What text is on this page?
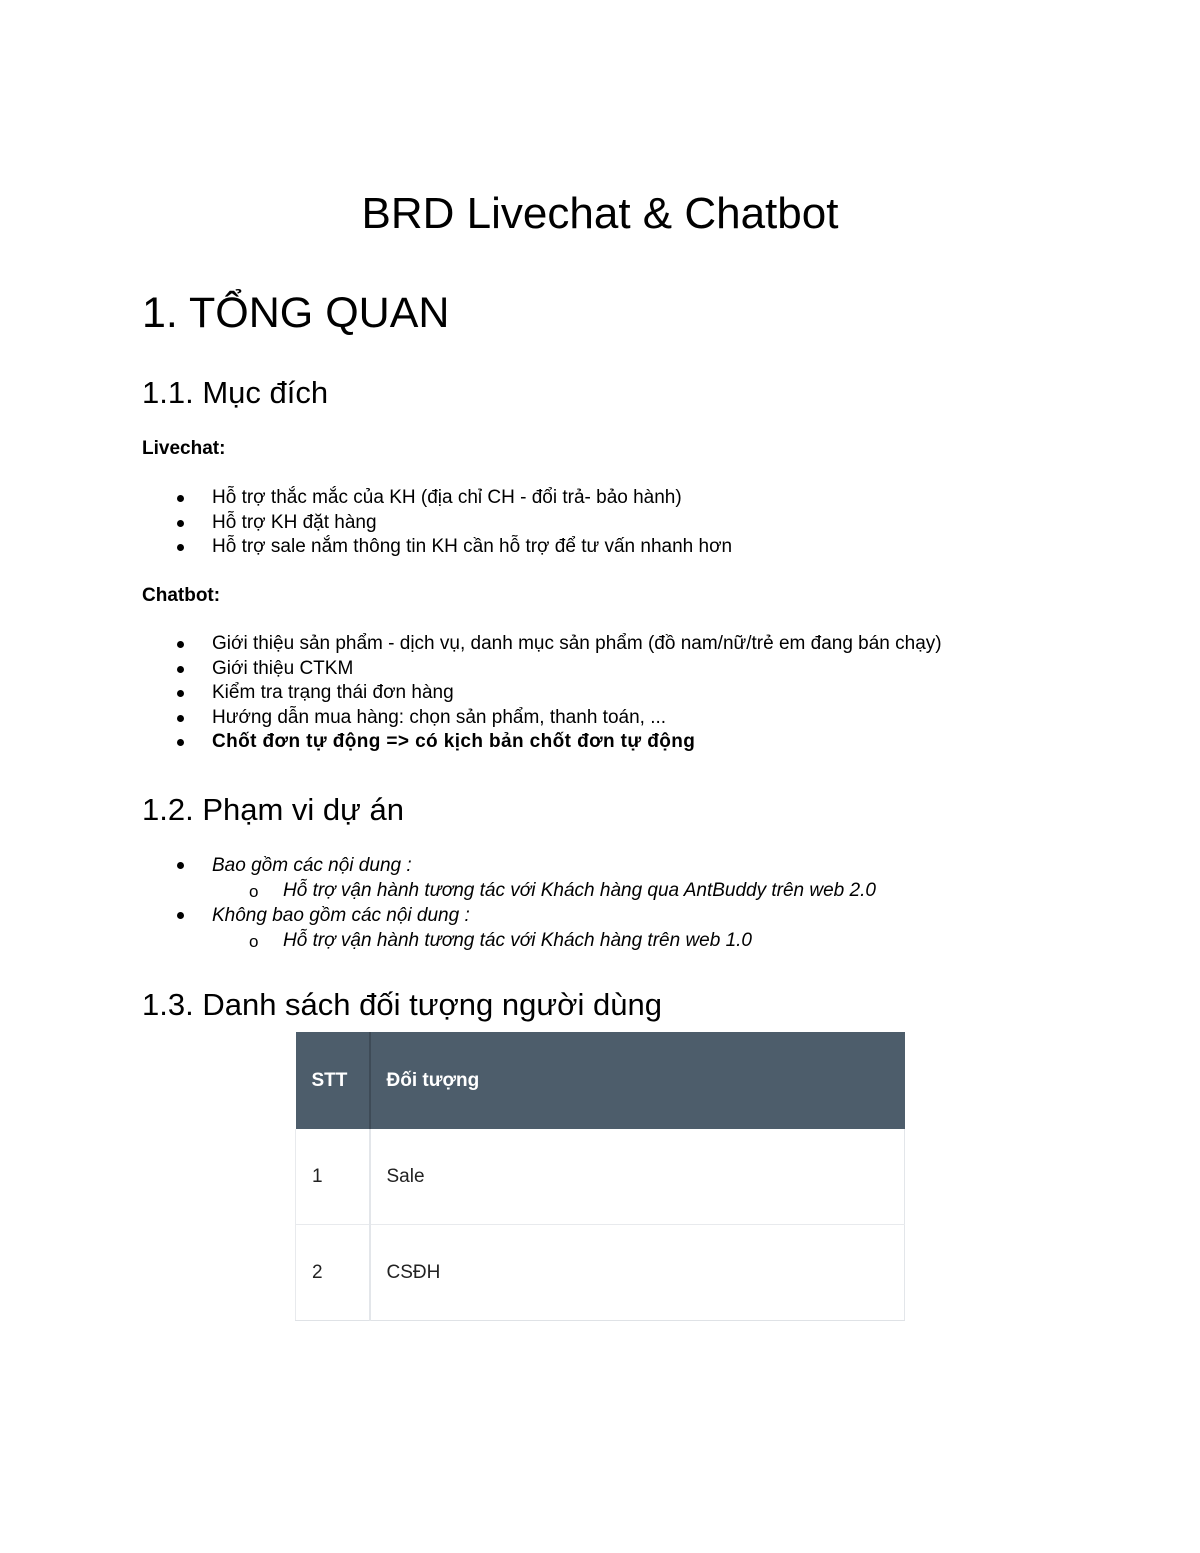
BRD Livechat & Chatbot
1. TỔNG QUAN
1.1. Mục đích

Livechat:

Hỗ trợ thắc mắc của KH (địa chỉ CH - đổi trả- bảo hành)
Hỗ trợ KH đặt hàng
Hỗ trợ sale nắm thông tin KH cần hỗ trợ để tư vấn nhanh hơn

Chatbot:

Giới thiệu sản phẩm - dịch vụ, danh mục sản phẩm (đồ nam/nữ/trẻ em đang bán chạy)
Giới thiệu CTKM
Kiểm tra trạng thái đơn hàng
Hướng dẫn mua hàng: chọn sản phẩm, thanh toán, ...
Chốt đơn tự động => có kịch bản chốt đơn tự động
1.2. Phạm vi dự án
Bao gồm các nội dung :
o Hỗ trợ vận hành tương tác với Khách hàng qua AntBuddy trên web 2.0
Không bao gồm các nội dung :
o Hỗ trợ vận hành tương tác với Khách hàng trên web 1.0
1.3. Danh sách đối tượng người dùng
STT	Đối tượng
1	Sale
2	CSĐH
